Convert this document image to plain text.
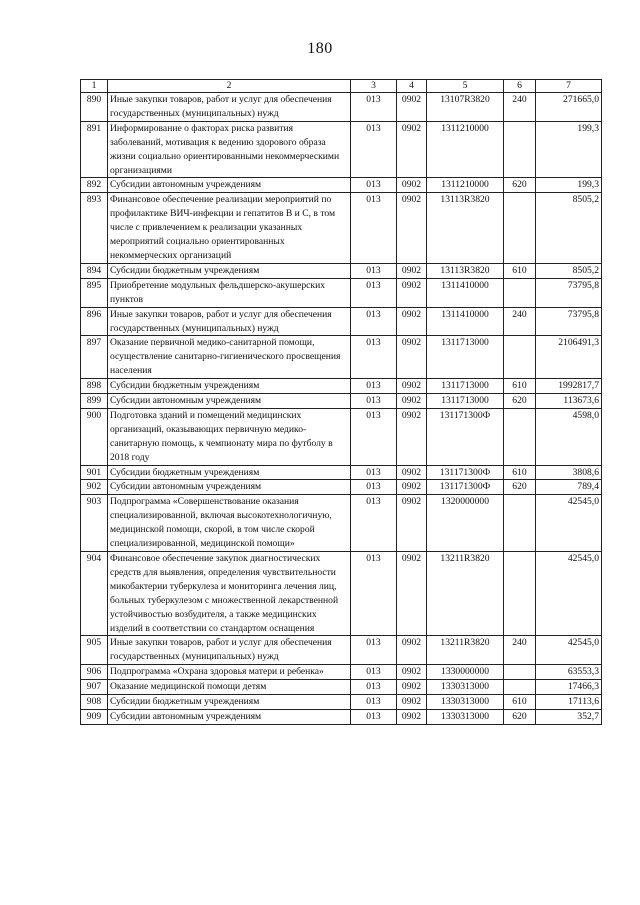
180
1	2	3	4	5	6	7
890	Иные закупки товаров, работ и услуг для обеспечения государственных (муниципальных) нужд	013	0902	13107R3820	240	271665,0
891	Информирование о факторах риска развития заболеваний, мотивация к ведению здорового образа жизни социально ориентированными некоммерческими организациями	013	0902	1311210000		199,3
892	Субсидии автономным учреждениям	013	0902	1311210000	620	199,3
893	Финансовое обеспечение реализации мероприятий по профилактике ВИЧ-инфекции и гепатитов В и С, в том числе с привлечением к реализации указанных мероприятий социально ориентированных некоммерческих организаций	013	0902	13113R3820		8505,2
894	Субсидии бюджетным учреждениям	013	0902	13113R3820	610	8505,2
895	Приобретение модульных фельдшерско-акушерских пунктов	013	0902	1311410000		73795,8
896	Иные закупки товаров, работ и услуг для обеспечения государственных (муниципальных) нужд	013	0902	1311410000	240	73795,8
897	Оказание первичной медико-санитарной помощи, осуществление санитарно-гигиенического просвещения населения	013	0902	1311713000		2106491,3
898	Субсидии бюджетным учреждениям	013	0902	1311713000	610	1992817,7
899	Субсидии автономным учреждениям	013	0902	1311713000	620	113673,6
900	Подготовка зданий и помещений медицинских организаций, оказывающих первичную медико-санитарную помощь, к чемпионату мира по футболу в 2018 году	013	0902	131171300Ф		4598,0
901	Субсидии бюджетным учреждениям	013	0902	131171300Ф	610	3808,6
902	Субсидии автономным учреждениям	013	0902	131171300Ф	620	789,4
903	Подпрограмма «Совершенствование оказания специализированной, включая высокотехнологичную, медицинской помощи, скорой, в том числе скорой специализированной, медицинской помощи»	013	0902	1320000000		42545,0
904	Финансовое обеспечение закупок диагностических средств для выявления, определения чувствительности микобактерии туберкулеза и мониторинга лечения лиц, больных туберкулезом с множественной лекарственной устойчивостью возбудителя, а также медицинских изделий в соответствии со стандартом оснащения	013	0902	13211R3820		42545,0
905	Иные закупки товаров, работ и услуг для обеспечения государственных (муниципальных) нужд	013	0902	13211R3820	240	42545,0
906	Подпрограмма «Охрана здоровья матери и ребенка»	013	0902	1330000000		63553,3
907	Оказание медицинской помощи детям	013	0902	1330313000		17466,3
908	Субсидии бюджетным учреждениям	013	0902	1330313000	610	17113,6
909	Субсидии автономным учреждениям	013	0902	1330313000	620	352,7
